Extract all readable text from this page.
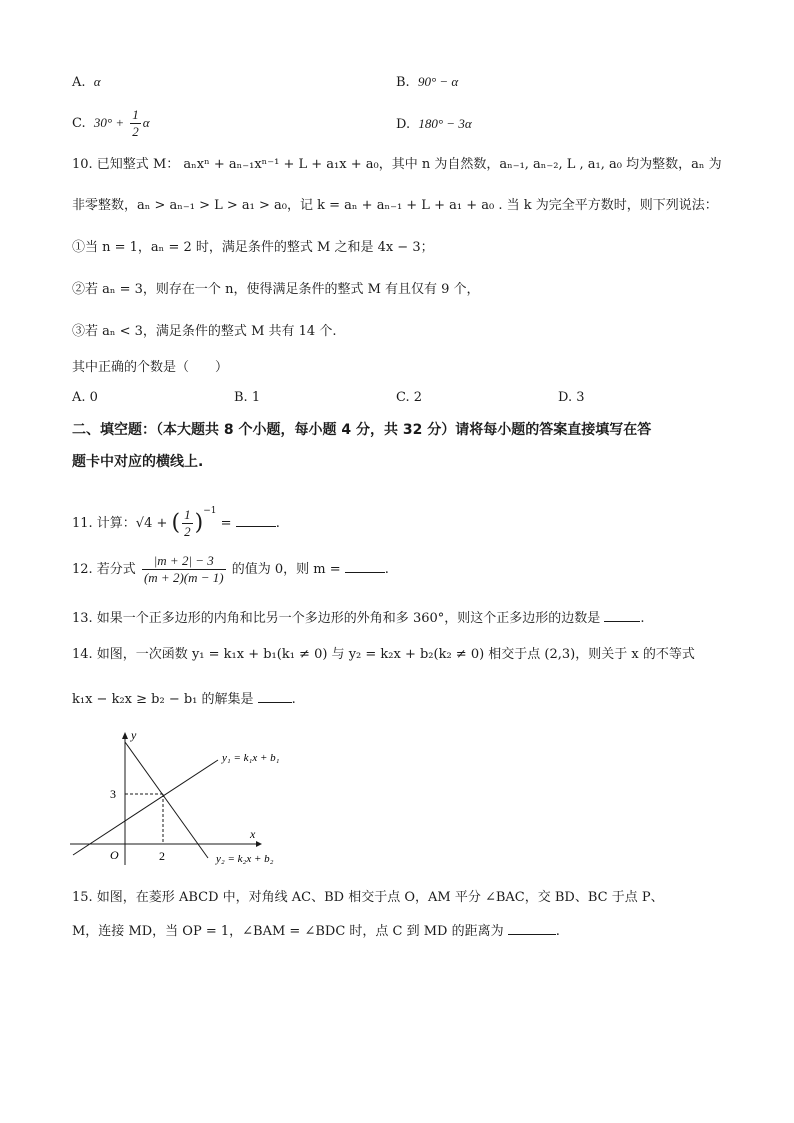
A. α	B. 90° − α
C. $30^\circ + \frac{1}{2}$ α	D. 180° − 3α
10. 已知整式 M： aₙxⁿ + aₙ₋₁xⁿ⁻¹ + L + a₁x + a₀，其中 n 为自然数，aₙ₋₁, aₙ₋₂, L , a₁, a₀ 均为整数，aₙ 为
非零整数，aₙ > aₙ₋₁ > L > a₁ > a₀，记 k = aₙ + aₙ₋₁ + L + a₁ + a₀ . 当 k 为完全平方数时，则下列说法：
①当 n = 1，aₙ = 2 时，满足条件的整式 M 之和是 4x − 3；
②若 aₙ = 3，则存在一个 n，使得满足条件的整式 M 有且仅有 9 个，
③若 aₙ < 3，满足条件的整式 M 共有 14 个.
其中正确的个数是（　　）
A. 0	B. 1	C. 2	D. 3
二、填空题：（本大题共 8 个小题，每小题 4 分，共 32 分）请将每小题的答案直接填写在答
题卡中对应的横线上.
11. 计算：√4 + ( $\frac{1}{2} )^{-1}$ =	.
12. 若分式 $\frac{|m + 2| - 3}{(m + 2)(m - 1)}$ 的值为 0，则 m =	.
13. 如果一个正多边形的内角和比另一个多边形的外角和多 360°，则这个正多边形的边数是	.
14. 如图，一次函数 y₁ = k₁x + b₁(k₁ ≠ 0) 与 y₂ = k₂x + b₂(k₂ ≠ 0) 相交于点 (2,3)，则关于 x 的不等式
k₁x − k₂x ≥ b₂ − b₁ 的解集是	.
y
x
O
3
2
y₁ = k₁x + b₁
y₂ = k₂x + b₂
15. 如图，在菱形 ABCD 中，对角线 AC、BD 相交于点 O，AM 平分 ∠BAC，交 BD、BC 于点 P、
M，连接 MD，当 OP = 1，∠BAM = ∠BDC 时，点 C 到 MD 的距离为	.
